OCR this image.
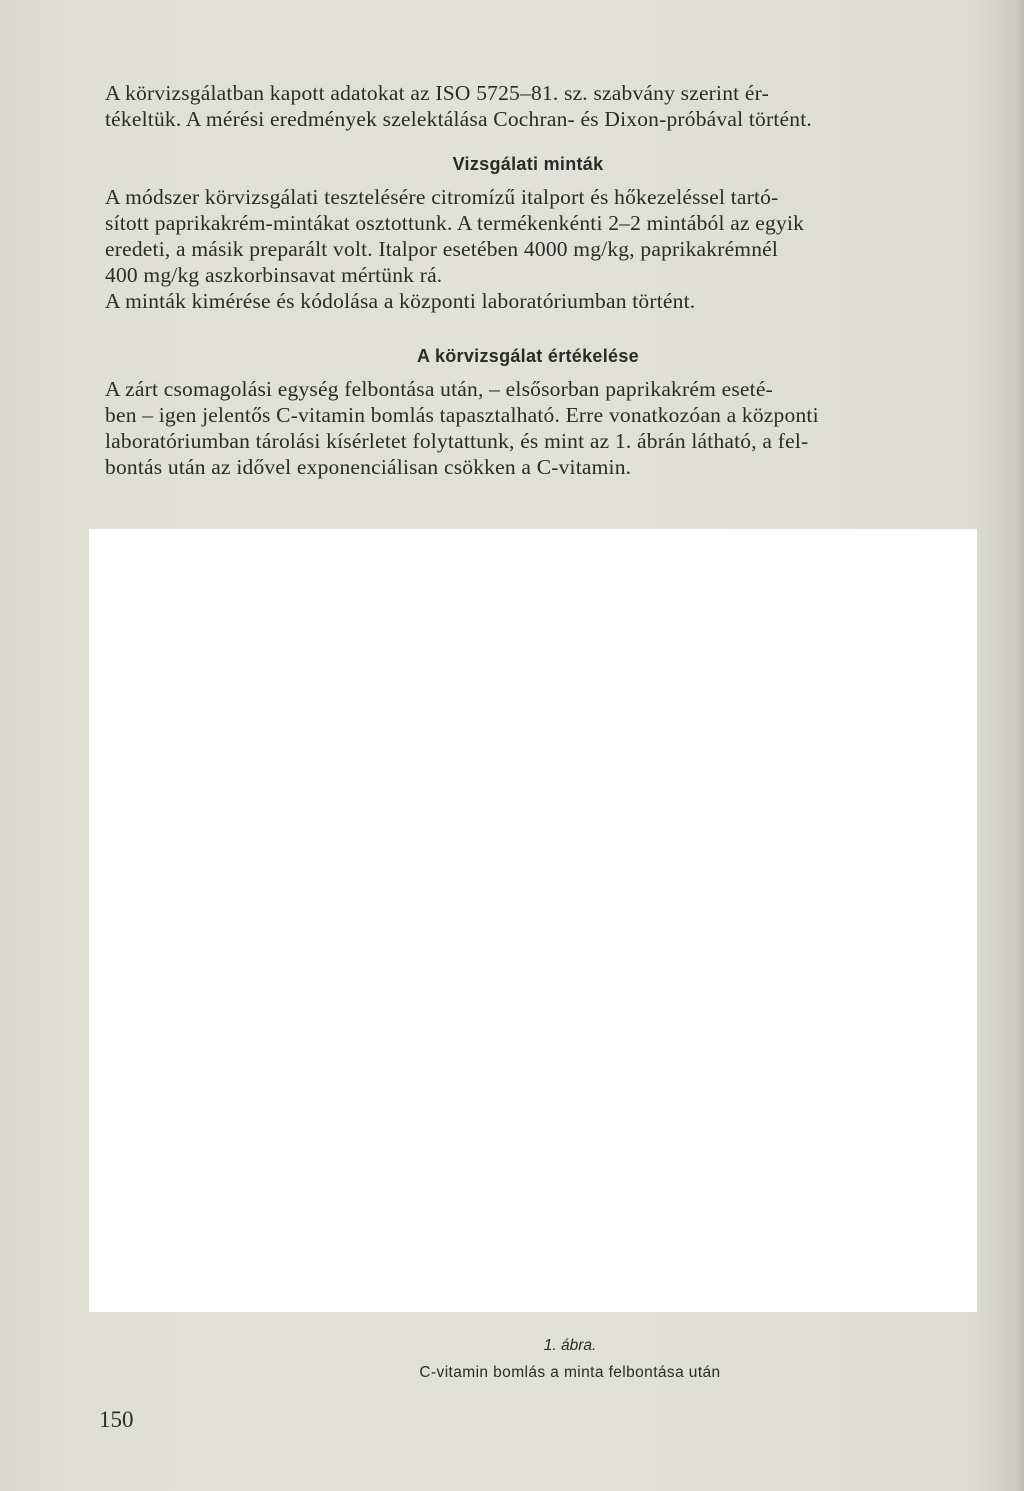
A körvizsgálatban kapott adatokat az ISO 5725–81. sz. szabvány szerint ér-
tékeltük. A mérési eredmények szelektálása Cochran- és Dixon-próbával történt.
Vizsgálati minták
A módszer körvizsgálati tesztelésére citromízű italport és hőkezeléssel tartó-
sított paprikakrém-mintákat osztottunk. A termékenkénti 2–2 mintából az egyik
eredeti, a másik preparált volt. Italpor esetében 4000 mg/kg, paprikakrémnél
400 mg/kg aszkorbinsavat mértünk rá.
A minták kimérése és kódolása a központi laboratóriumban történt.
A körvizsgálat értékelése
A zárt csomagolási egység felbontása után, – elsősorban paprikakrém eseté-
ben – igen jelentős C-vitamin bomlás tapasztalható. Erre vonatkozóan a központi
laboratóriumban tárolási kísérletet folytattunk, és mint az 1. ábrán látható, a fel-
bontás után az idővel exponenciálisan csökken a C-vitamin.
1. ábra.
C-vitamin bomlás a minta felbontása után
150
